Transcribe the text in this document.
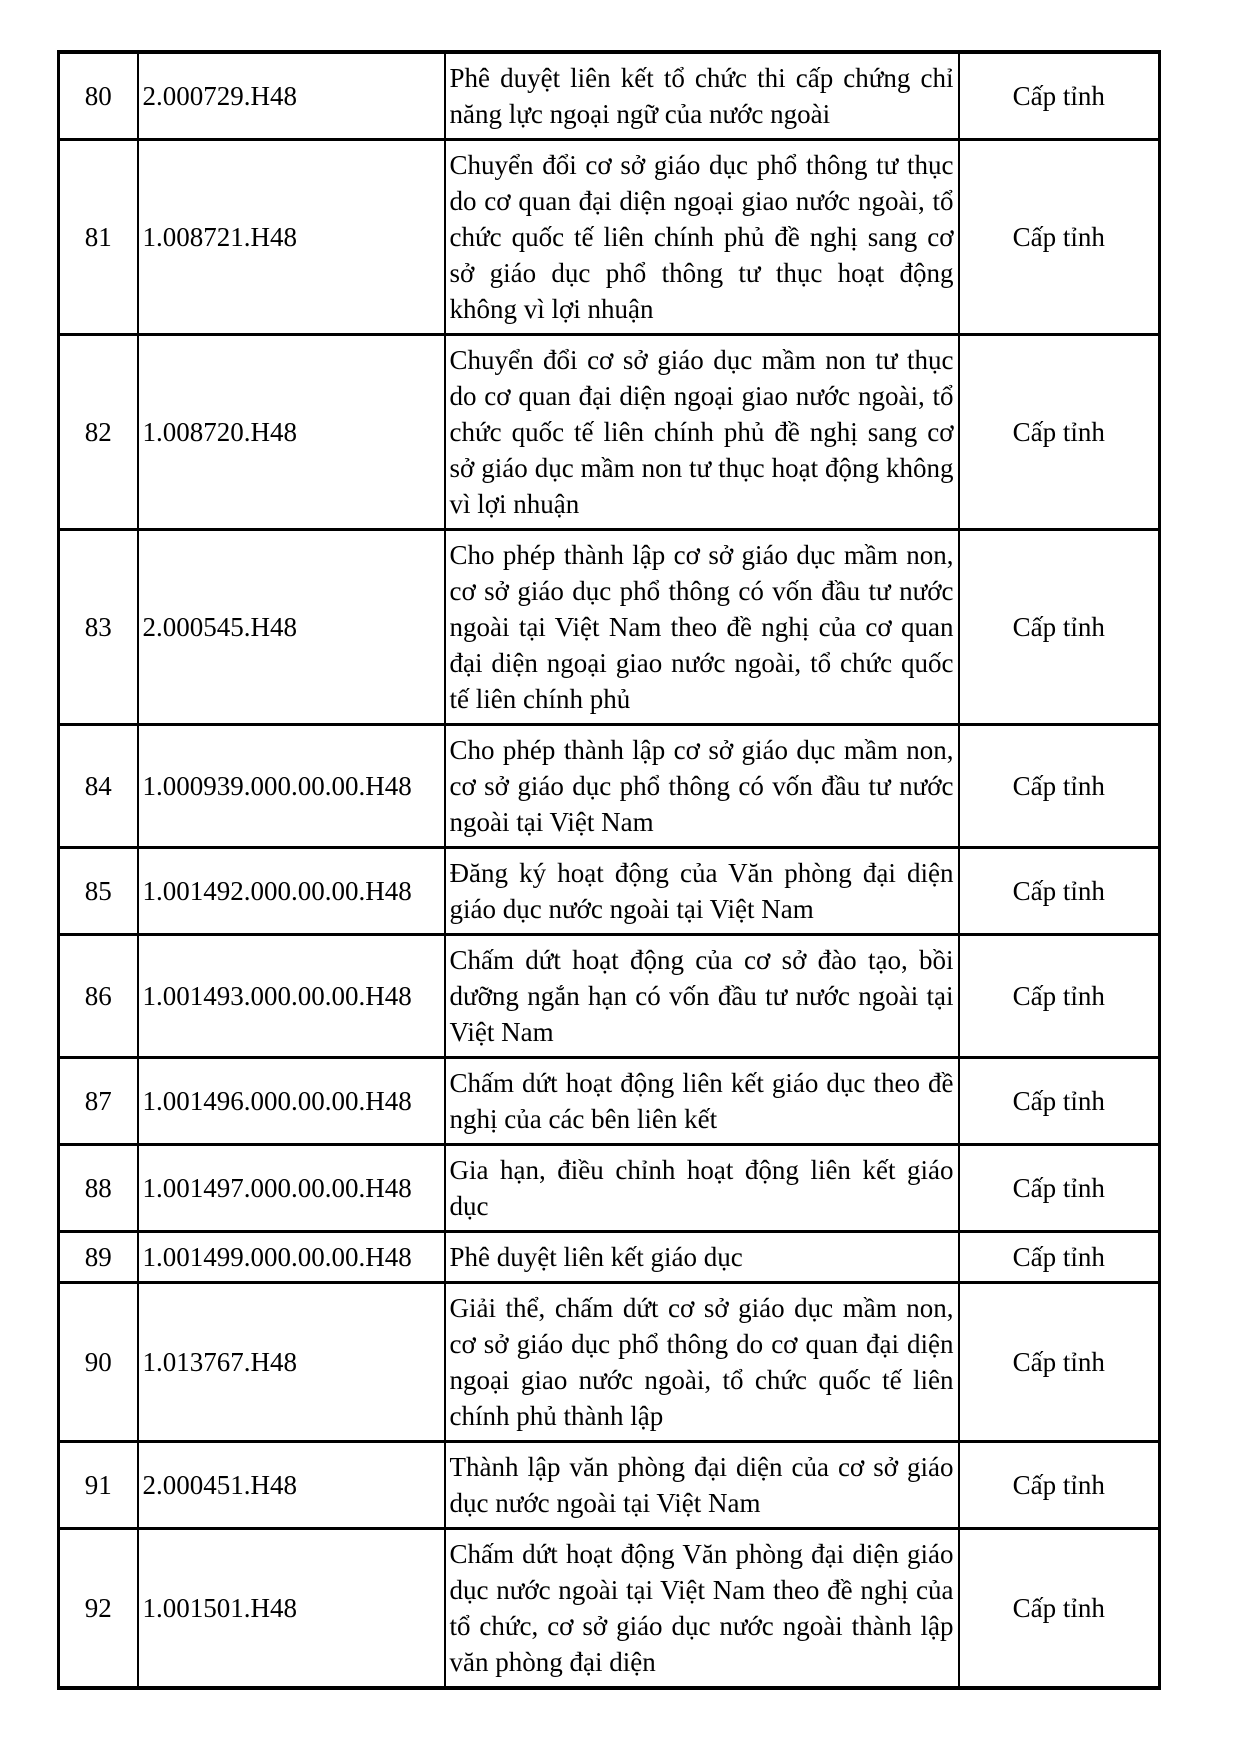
80	2.000729.H48	Phê duyệt liên kết tổ chức thi cấp chứng chỉ năng lực ngoại ngữ của nước ngoài	Cấp tỉnh
81	1.008721.H48	Chuyển đổi cơ sở giáo dục phổ thông tư thục do cơ quan đại diện ngoại giao nước ngoài, tổ chức quốc tế liên chính phủ đề nghị sang cơ sở giáo dục phổ thông tư thục hoạt động không vì lợi nhuận	Cấp tỉnh
82	1.008720.H48	Chuyển đổi cơ sở giáo dục mầm non tư thục do cơ quan đại diện ngoại giao nước ngoài, tổ chức quốc tế liên chính phủ đề nghị sang cơ sở giáo dục mầm non tư thục hoạt động không vì lợi nhuận	Cấp tỉnh
83	2.000545.H48	Cho phép thành lập cơ sở giáo dục mầm non, cơ sở giáo dục phổ thông có vốn đầu tư nước ngoài tại Việt Nam theo đề nghị của cơ quan đại diện ngoại giao nước ngoài, tổ chức quốc tế liên chính phủ	Cấp tỉnh
84	1.000939.000.00.00.H48	Cho phép thành lập cơ sở giáo dục mầm non, cơ sở giáo dục phổ thông có vốn đầu tư nước ngoài tại Việt Nam	Cấp tỉnh
85	1.001492.000.00.00.H48	Đăng ký hoạt động của Văn phòng đại diện giáo dục nước ngoài tại Việt Nam	Cấp tỉnh
86	1.001493.000.00.00.H48	Chấm dứt hoạt động của cơ sở đào tạo, bồi dưỡng ngắn hạn có vốn đầu tư nước ngoài tại Việt Nam	Cấp tỉnh
87	1.001496.000.00.00.H48	Chấm dứt hoạt động liên kết giáo dục theo đề nghị của các bên liên kết	Cấp tỉnh
88	1.001497.000.00.00.H48	Gia hạn, điều chỉnh hoạt động liên kết giáo dục	Cấp tỉnh
89	1.001499.000.00.00.H48	Phê duyệt liên kết giáo dục	Cấp tỉnh
90	1.013767.H48	Giải thể, chấm dứt cơ sở giáo dục mầm non, cơ sở giáo dục phổ thông do cơ quan đại diện ngoại giao nước ngoài, tổ chức quốc tế liên chính phủ thành lập	Cấp tỉnh
91	2.000451.H48	Thành lập văn phòng đại diện của cơ sở giáo dục nước ngoài tại Việt Nam	Cấp tỉnh
92	1.001501.H48	Chấm dứt hoạt động Văn phòng đại diện giáo dục nước ngoài tại Việt Nam theo đề nghị của tổ chức, cơ sở giáo dục nước ngoài thành lập văn phòng đại diện	Cấp tỉnh
